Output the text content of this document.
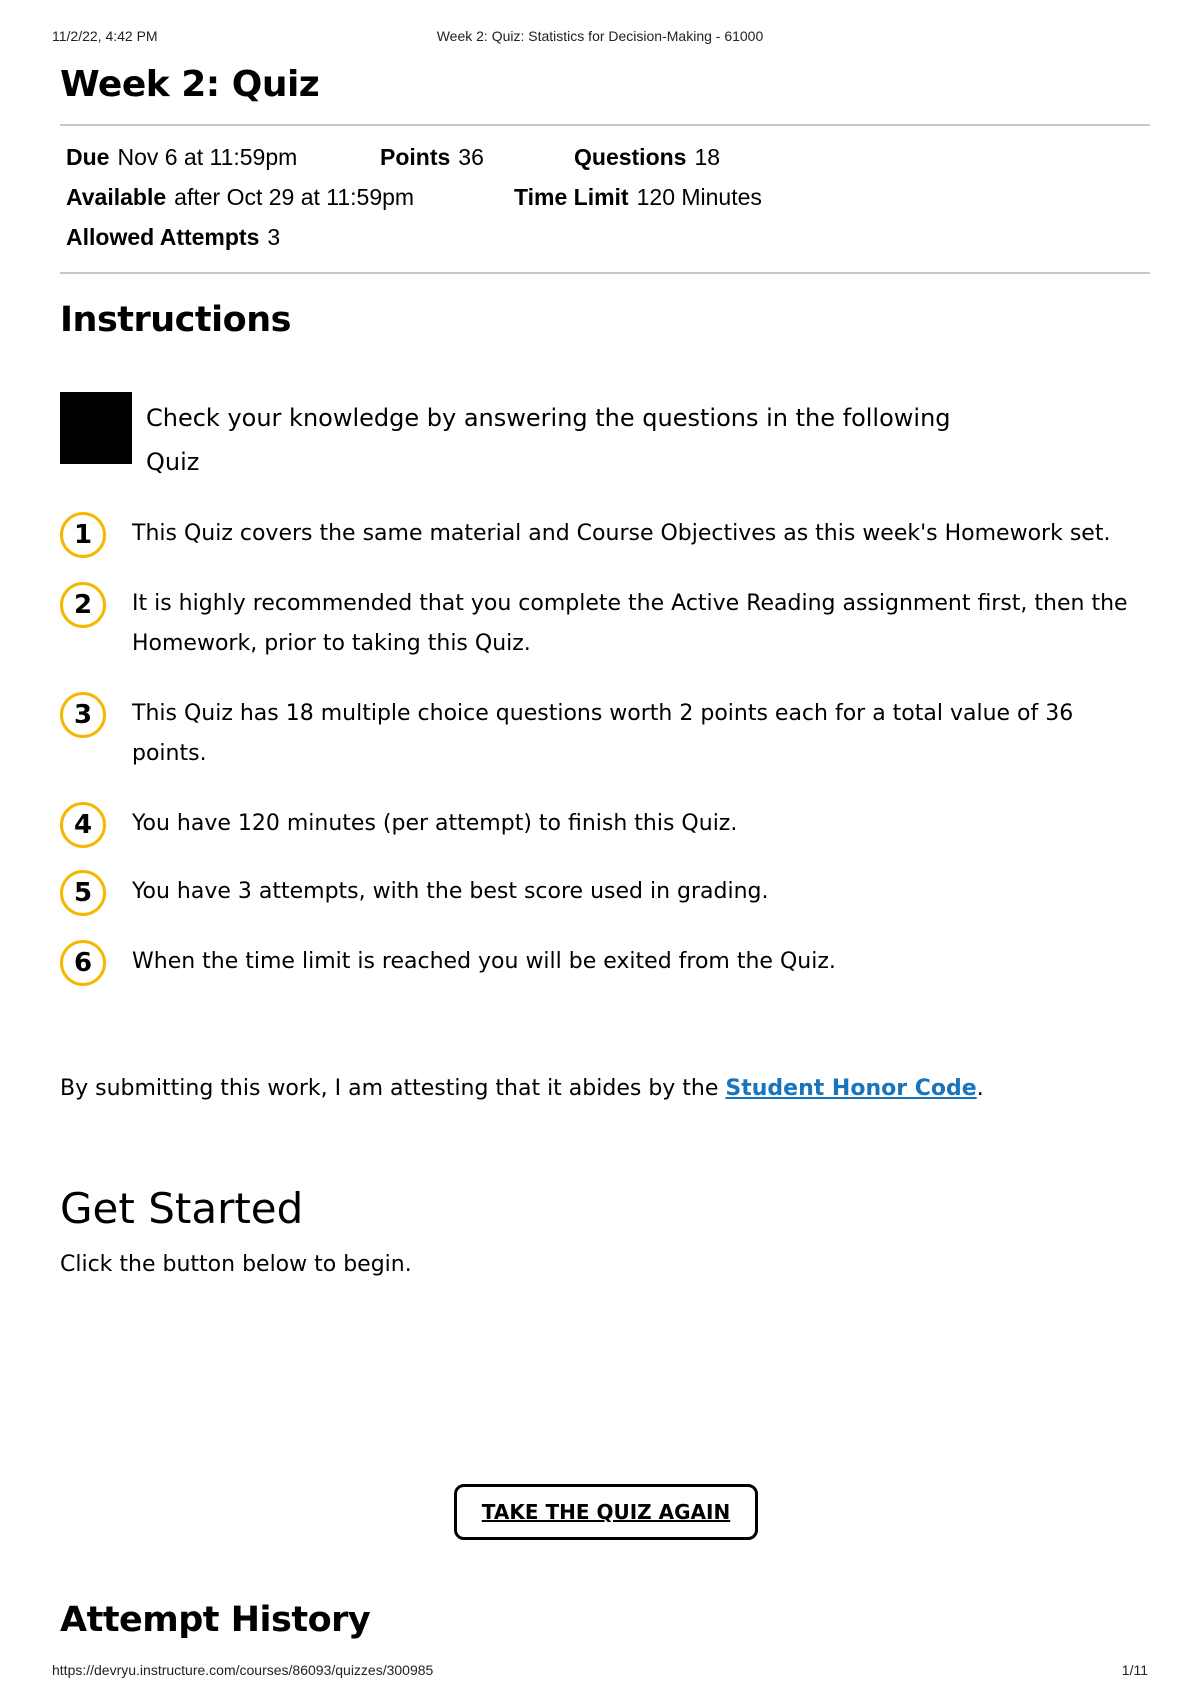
11/2/22, 4:42 PM	Week 2: Quiz: Statistics for Decision-Making - 61000
Week 2: Quiz
Due Nov 6 at 11:59pm	Points 36	Questions 18
Available after Oct 29 at 11:59pm	Time Limit 120 Minutes
Allowed Attempts 3
Instructions
Check your knowledge by answering the questions in the following
Quiz
1	This Quiz covers the same material and Course Objectives as this week's Homework set.
2	It is highly recommended that you complete the Active Reading assignment first, then the Homework, prior to taking this Quiz.
3	This Quiz has 18 multiple choice questions worth 2 points each for a total value of 36 points.
4	You have 120 minutes (per attempt) to finish this Quiz.
5	You have 3 attempts, with the best score used in grading.
6	When the time limit is reached you will be exited from the Quiz.
By submitting this work, I am attesting that it abides by the Student Honor Code.
Get Started
Click the button below to begin.
TAKE THE QUIZ AGAIN
Attempt History
https://devryu.instructure.com/courses/86093/quizzes/300985	1/11
